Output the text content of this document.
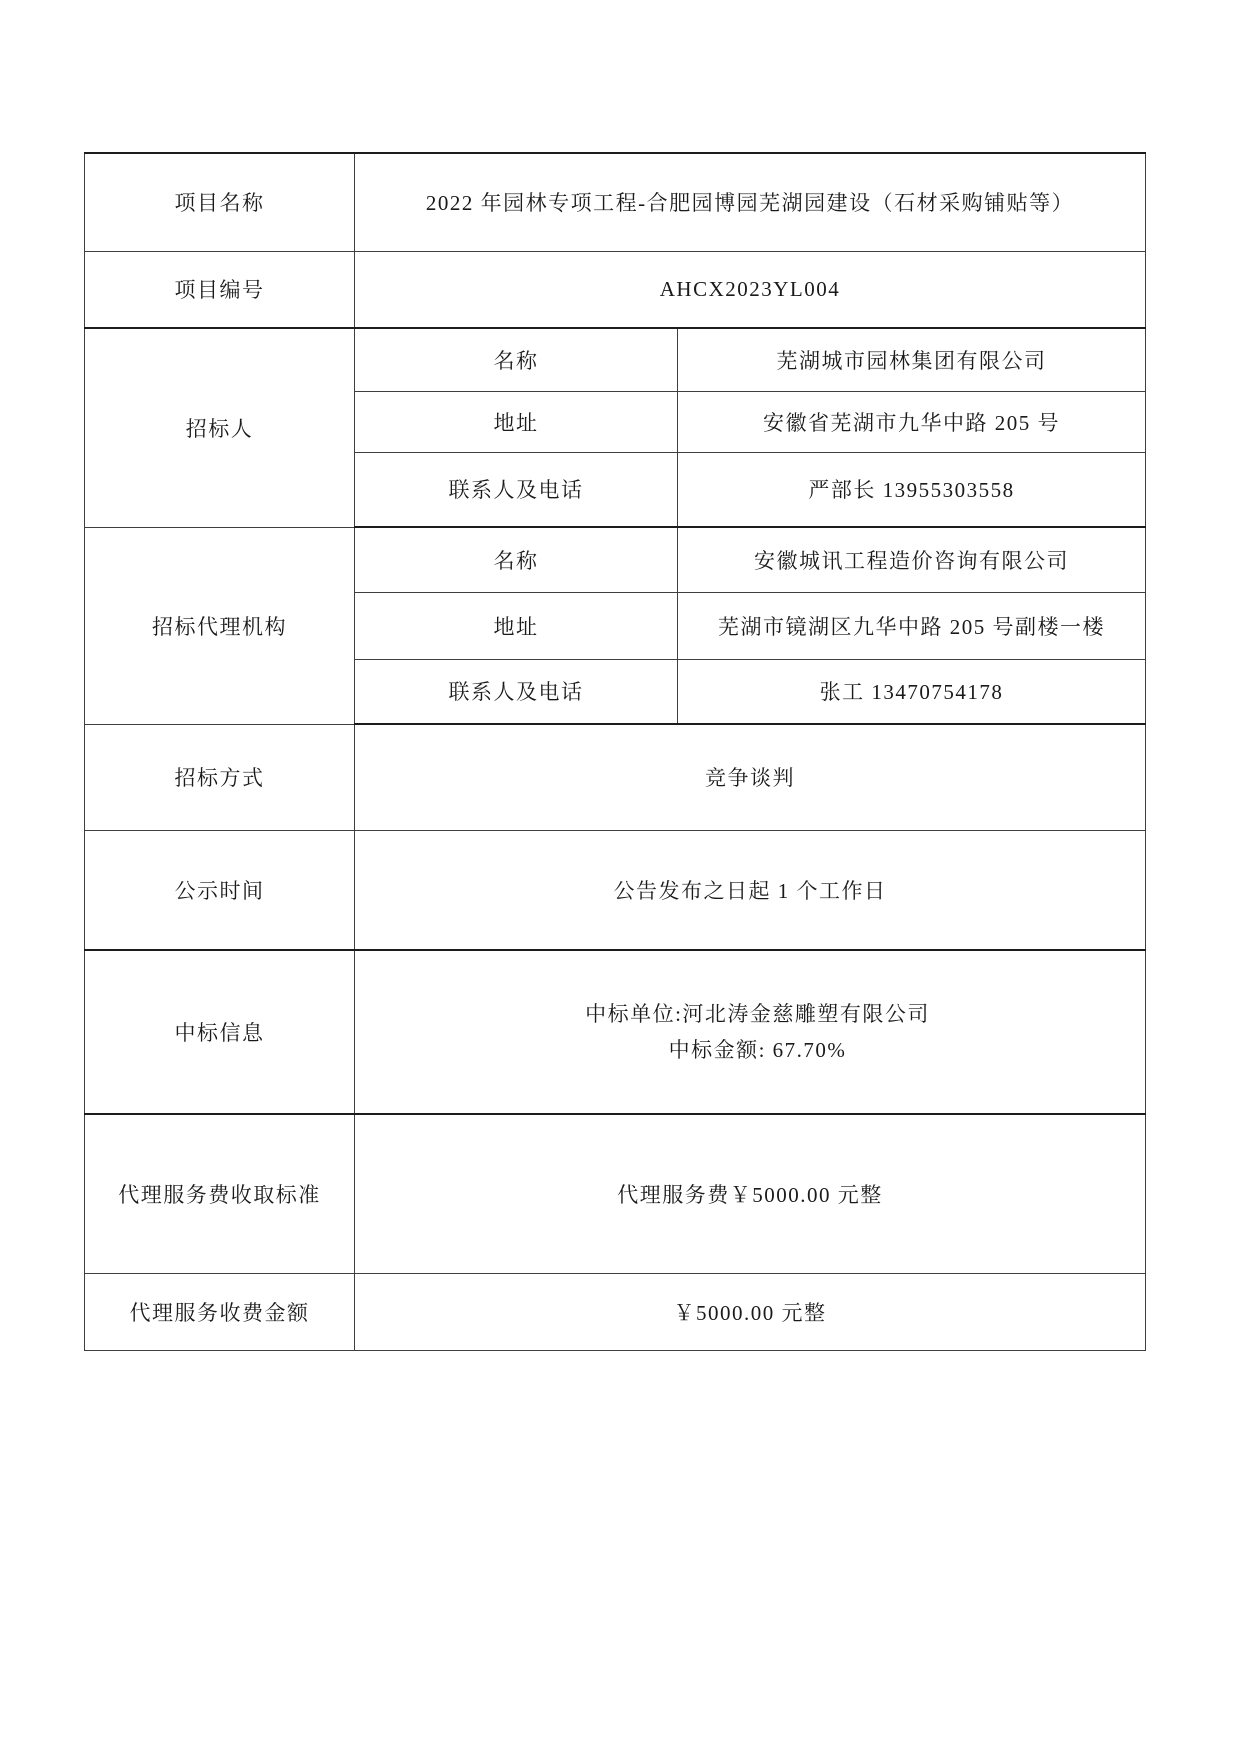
项目名称	2022 年园林专项工程-合肥园博园芜湖园建设（石材采购铺贴等）	
项目编号	AHCX2023YL004	
招标人	名称	芜湖城市园林集团有限公司
	地址	安徽省芜湖市九华中路 205 号
	联系人及电话	严部长 13955303558
招标代理机构	名称	安徽城讯工程造价咨询有限公司
	地址	芜湖市镜湖区九华中路 205 号副楼一楼
	联系人及电话	张工 13470754178
招标方式	竞争谈判	
公示时间	公告发布之日起 1 个工作日	
中标信息	中标单位:河北涛金慈雕塑有限公司
中标金额: 67.70%	

代理服务费收取标准	代理服务费￥5000.00 元整	
代理服务收费金额	￥5000.00 元整	
